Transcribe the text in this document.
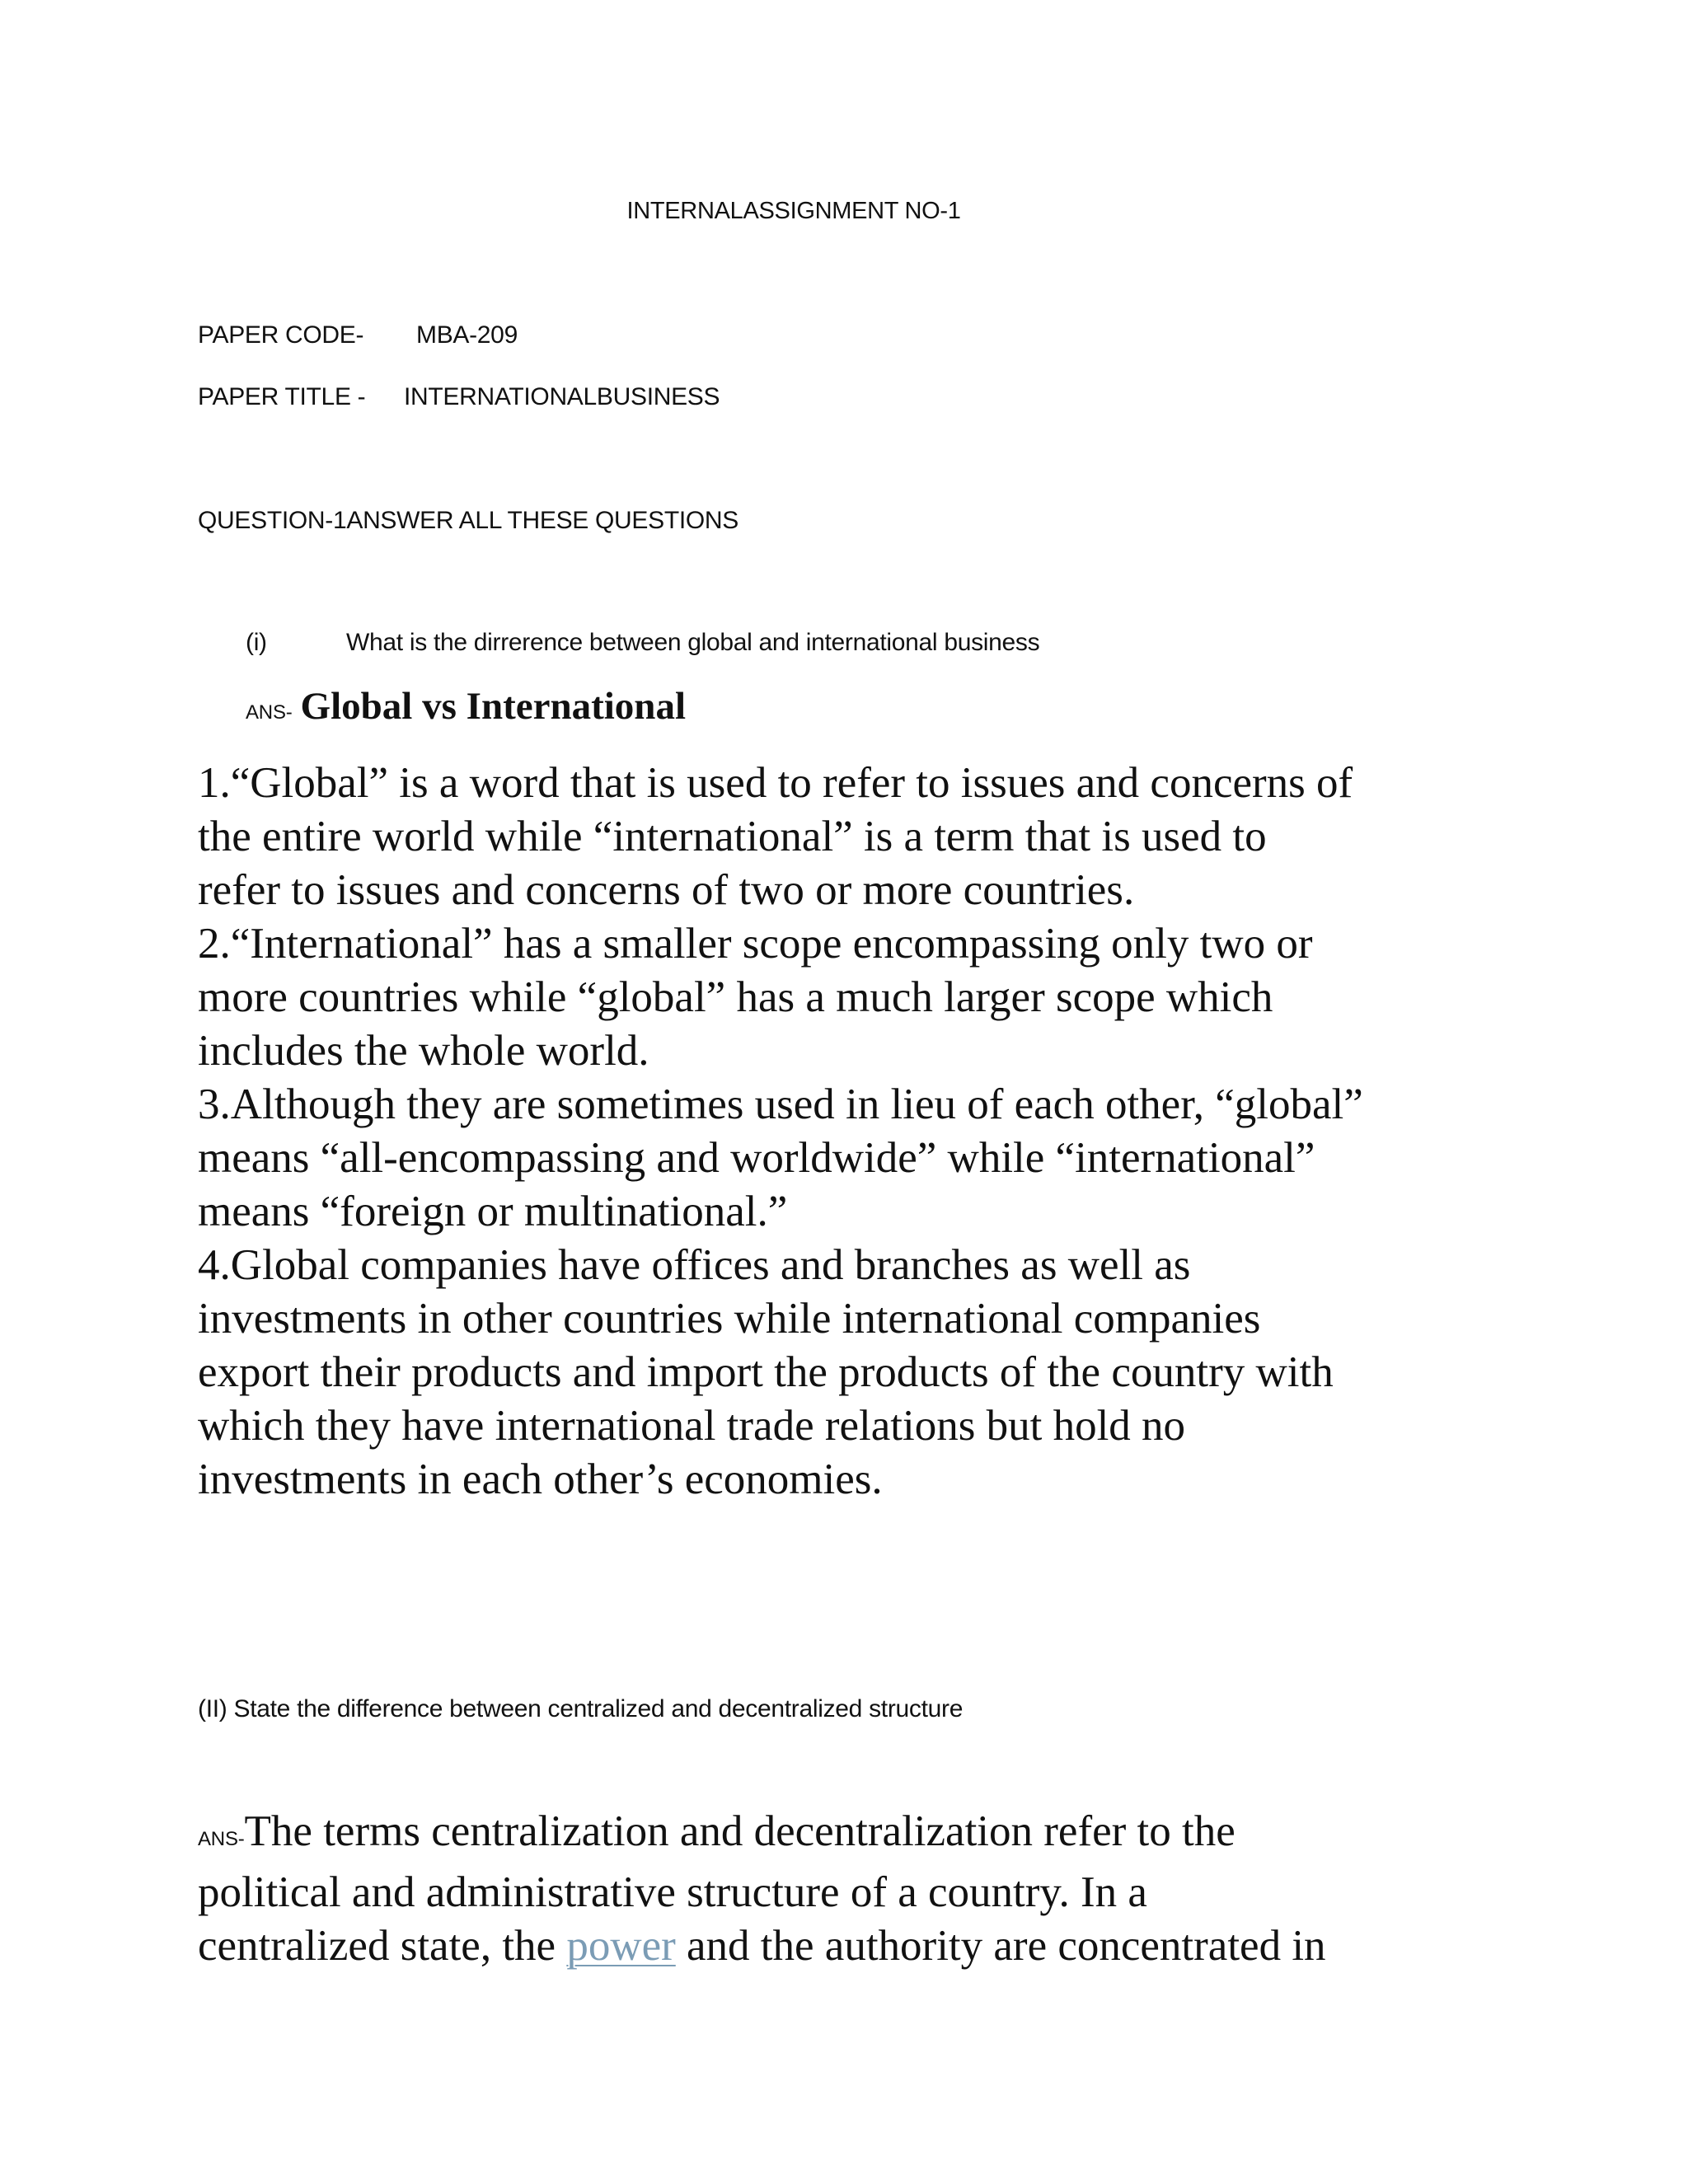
INTERNALASSIGNMENT NO-1
PAPER CODE- MBA-209
PAPER TITLE - INTERNATIONALBUSINESS
QUESTION-1ANSWER ALL THESE QUESTIONS
(i)	What is the dirrerence between global and international business
ANS- Global vs International
1.“Global” is a word that is used to refer to issues and concerns of
the entire world while “international” is a term that is used to
refer to issues and concerns of two or more countries.
2.“International” has a smaller scope encompassing only two or
more countries while “global” has a much larger scope which
includes the whole world.
3.Although they are sometimes used in lieu of each other, “global”
means “all-encompassing and worldwide” while “international”
means “foreign or multinational.”
4.Global companies have offices and branches as well as
investments in other countries while international companies
export their products and import the products of the country with
which they have international trade relations but hold no
investments in each other’s economies.
(II) State the difference between centralized and decentralized structure
ANS-The terms centralization and decentralization refer to the
political and administrative structure of a country. In a
centralized state, the power and the authority are concentrated in
